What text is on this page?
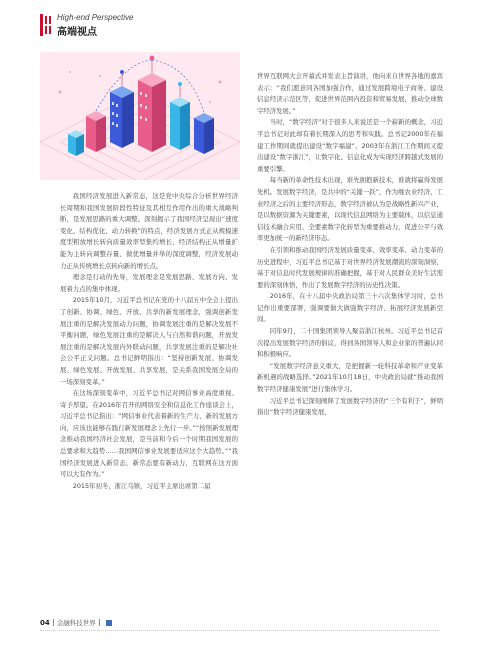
High-end Perspective
高端视点

我国经济发展进入新常态，这是党中央综合分析世界经济长周期和我国发展阶段性特征及其相互作用作出的重大战略判断，是发展思路的重大调整。深刻揭示了我国经济呈现出“速度变化、结构优化、动力转换”的特点，经济发展方式正从规模速度型粗放增长转向质量效率型集约增长，经济结构正从增量扩能为主转向调整存量、做优增量并举的深度调整，经济发展动力正从传统增长点转向新的增长点。

理念是行动的先导，发展理念是发展思路、发展方向、发展着力点的集中体现。

2015年10月，习近平总书记在党的十八届五中全会上提出了创新、协调、绿色、开放、共享的新发展理念，强调创新发展注重的是解决发展动力问题，协调发展注重的是解决发展不平衡问题，绿色发展注重的是解决人与自然和谐问题，开放发展注重的是解决发展内外联动问题，共享发展注重的是解决社会公平正义问题。总书记鲜明指出：“坚持创新发展、协调发展、绿色发展、开放发展、共享发展，是关系我国发展全局的一场深刻变革。”

在这场深刻变革中，习近平总书记对网信事业高度重视、寄予厚望。在2016年召开的网络安全和信息化工作座谈会上，习近平总书记指出：“网信事业代表着新的生产力、新的发展方向，应该也能够在践行新发展理念上先行一步。”“按照新发展理念推动我国经济社会发展，是当前和今后一个时期我国发展的总要求和大趋势……我国网信事业发展要适应这个大趋势。”“我国经济发展进入新常态，新常态要有新动力，互联网在这方面可以大有作为。”

2015年初冬，浙江乌镇，习近平主席出席第二届

世界互联网大会开幕式并发表主旨演讲，他向来自世界各地的嘉宾表示：“我们愿意同各国加强合作，通过发展跨境电子商务、建设信息经济示范区等，促进世界范围内投资和贸易发展，推动全球数字经济发展。”

当时，“数字经济”对于很多人来说还是一个崭新的概念，习近平总书记对此却有着长期深入的思考和实践。总书记2000年在福建工作期间就提出建设“数字福建”，2003年在浙江工作期间又提出建设“数字浙江”，让数字化、信息化成为实现经济跨越式发展的重要引擎。

每当新的革命性技术出现，谁先拥抱新技术，谁就将赢得发展先机。发展数字经济，是共中的“关键一跃”，作为继农业经济、工业经济之后的主要经济形态，数字经济被认为是战略性新兴产业，是以数据资源为关键要素，以现代信息网络为主要载体，以信息通信技术融合应用、全要素数字化转型为重要推动力，促进公平与效率更加统一的新经济形态。

在引领和推动我国经济发展质量变革、效率变革、动力变革的历史进程中，习近平总书记基于对世界经济发展潮流的深刻洞察，基于对信息时代发展规律的准确把握，基于对人民群众美好生活需要的深刻体悟，作出了发展数字经济的历史性决策。

2016年，在十八届中央政治局第三十六次集体学习时，总书记作出重要部署，强调要做大做强数字经济、拓展经济发展新空间。

同年9月，二十国集团领导人聚首浙江杭州。习近平总书记首次提出发展数字经济的倡议，得到各国领导人和企业家的普遍认同和积极响应。

“发展数字经济意义重大，是把握新一轮科技革命和产业变革新机遇的战略选择。”2021年10月18日，中央政治局就“推动我国数字经济健康发展”进行集体学习。

习近平总书记深刻阐释了发展数字经济的“三个有利于”，鲜明指出“数字经济健康发展，

04 金融科技世界
